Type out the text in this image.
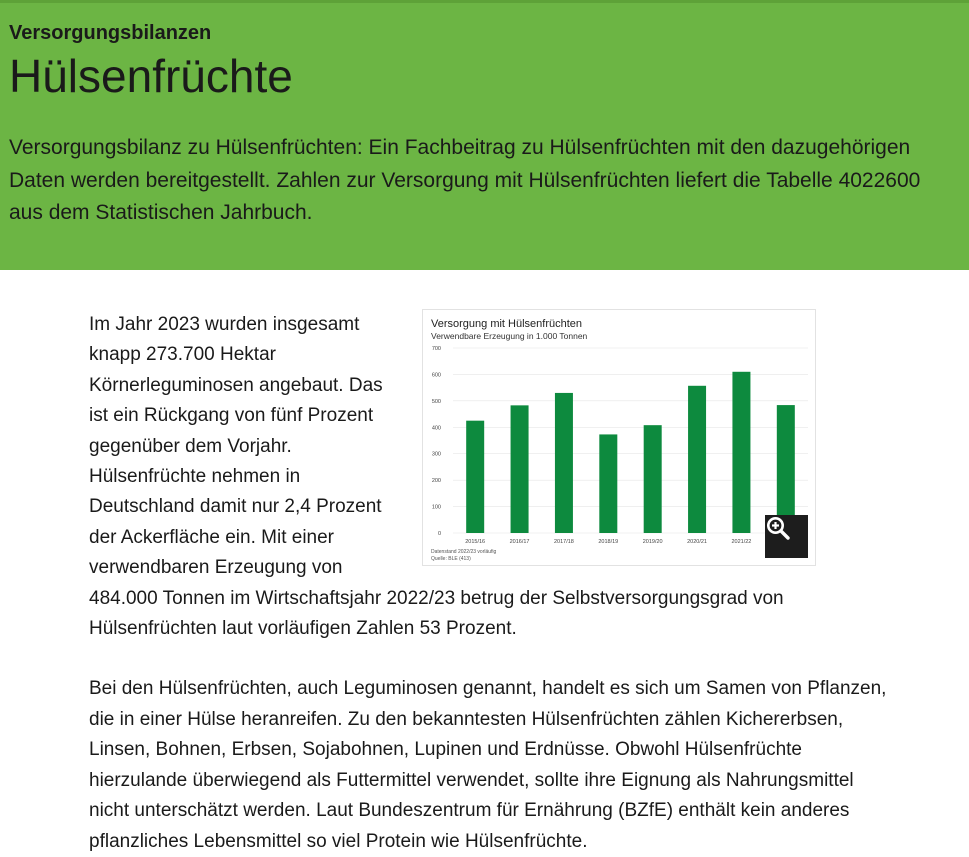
Versorgungsbilanzen

Hülsenfrüchte

Versorgungsbilanz zu Hülsenfrüchten: Ein Fachbeitrag zu Hülsenfrüchten mit den dazugehörigen Daten werden bereitgestellt. Zahlen zur Versorgung mit Hülsenfrüchten liefert die Tabelle 4022600 aus dem Statistischen Jahrbuch.

Versorgung mit Hülsenfrüchten
Verwendbare Erzeugung in 1.000 Tonnen
0
100
200
300
400
500
600
700
2015/16	2016/17	2017/18	2018/19	2019/20	2020/21	2021/22
Datenstand 2022/23 vorläufig
Quelle: BLE (413)

Im Jahr 2023 wurden insgesamt knapp 273.700 Hektar Körnerleguminosen angebaut. Das ist ein Rückgang von fünf Prozent gegenüber dem Vorjahr. Hülsenfrüchte nehmen in Deutschland damit nur 2,4 Prozent der Ackerfläche ein. Mit einer verwendbaren Erzeugung von 484.000 Tonnen im Wirtschaftsjahr 2022/23 betrug der Selbstversorgungsgrad von Hülsenfrüchten laut vorläufigen Zahlen 53 Prozent.

Bei den Hülsenfrüchten, auch Leguminosen genannt, handelt es sich um Samen von Pflanzen, die in einer Hülse heranreifen. Zu den bekanntesten Hülsenfrüchten zählen Kichererbsen, Linsen, Bohnen, Erbsen, Sojabohnen, Lupinen und Erdnüsse. Obwohl Hülsenfrüchte hierzulande überwiegend als Futtermittel verwendet, sollte ihre Eignung als Nahrungsmittel nicht unterschätzt werden. Laut Bundeszentrum für Ernährung (BZfE) enthält kein anderes pflanzliches Lebensmittel so viel Protein wie Hülsenfrüchte.
